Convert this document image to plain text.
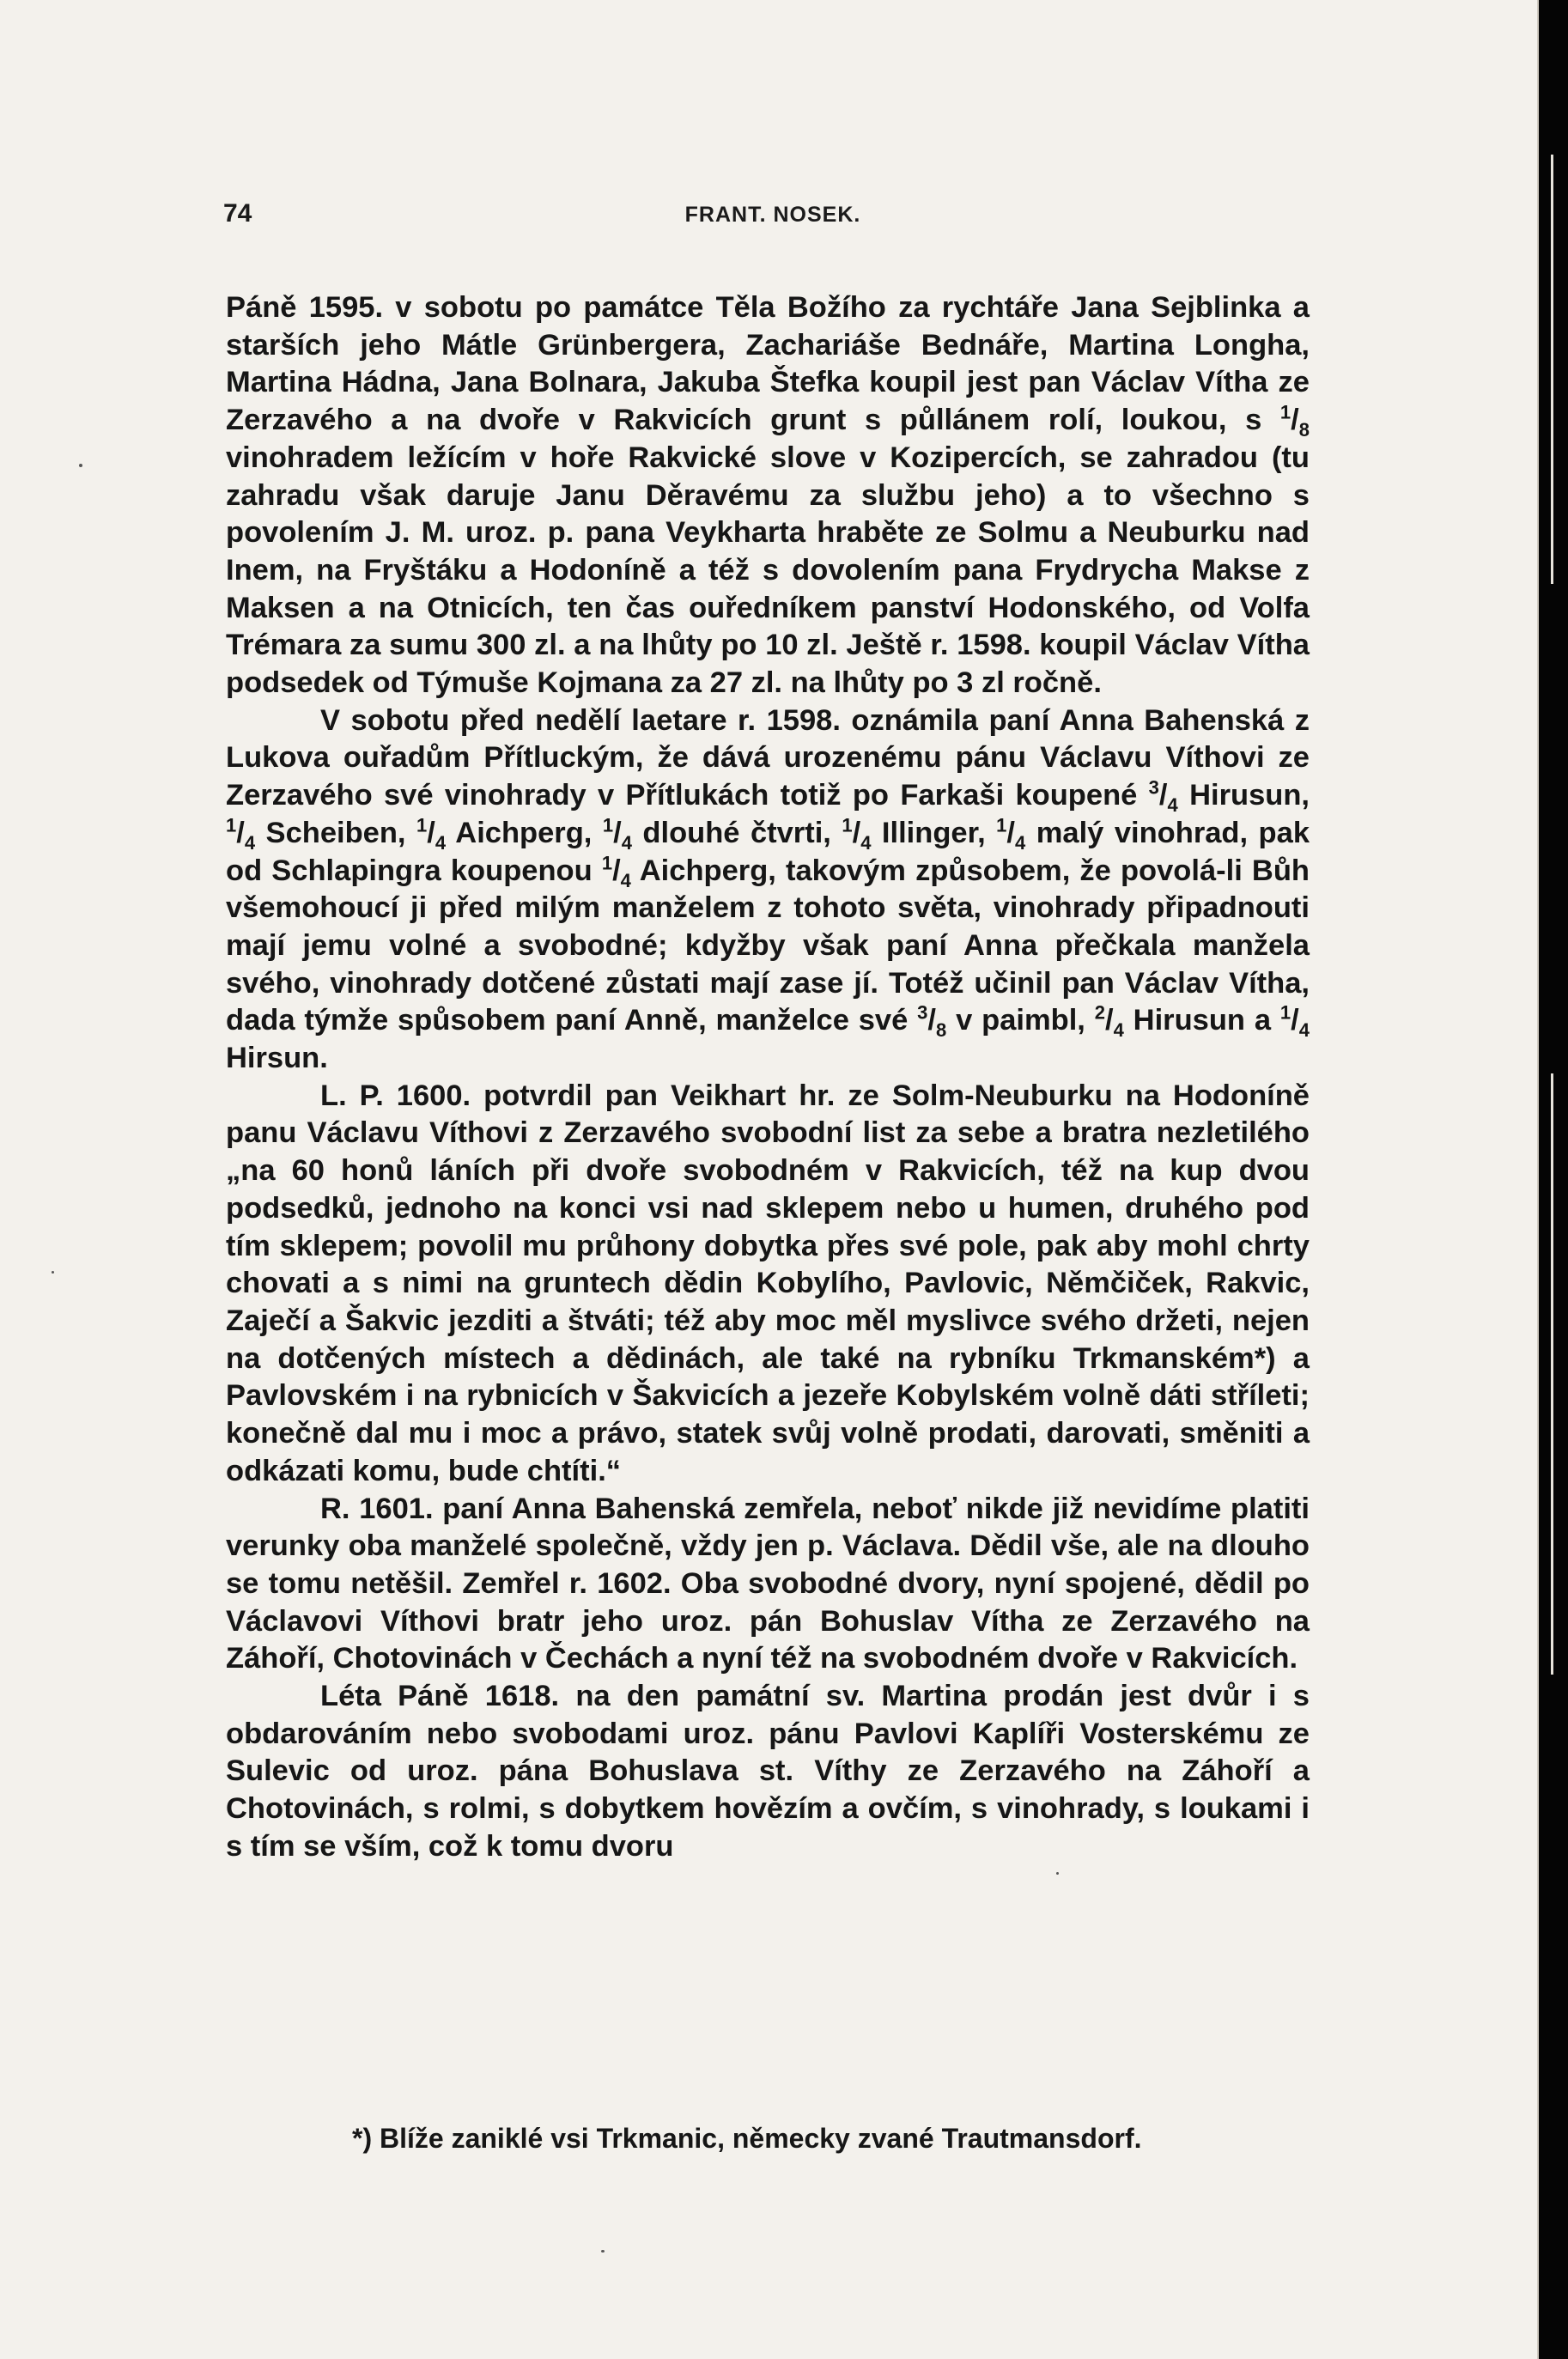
74	FRANT. NOSEK.

Páně 1595. v sobotu po památce Těla Božího za rychtáře Jana Sejblinka a starších jeho Mátle Grünbergera, Zachariáše Bednáře, Martina Longha, Martina Hádna, Jana Bolnara, Jakuba Štefka koupil jest pan Václav Vítha ze Zerzavého a na dvoře v Rakvicích grunt s půllánem rolí, loukou, s $^1/_8$ vinohradem ležícím v hoře Rakvické slove v Kozipercích, se zahradou (tu zahradu však daruje Janu Děravému za službu jeho) a to všechno s povolením J. M. uroz. p. pana Veykharta hraběte ze Solmu a Neuburku nad Inem, na Fryštáku a Hodoníně a též s dovolením pana Frydrycha Makse z Maksen a na Otnicích, ten čas ouředníkem panství Hodonského, od Volfa Trémara za sumu 300 zl. a na lhůty po 10 zl. Ještě r. 1598. koupil Václav Vítha podsedek od Týmuše Kojmana za 27 zl. na lhůty po 3 zl ročně.

V sobotu před nedělí laetare r. 1598. oznámila paní Anna Bahenská z Lukova ouřadům Přítluckým, že dává urozenému pánu Václavu Víthovi ze Zerzavého své vinohrady v Přítlukách totiž po Farkaši koupené $^3/_4$ Hirusun, $^1/_4$ Scheiben, $^1/_4$ Aichperg, $^1/_4$ dlouhé čtvrti, $^1/_4$ Illinger, $^1/_4$ malý vinohrad, pak od Schlapingra koupenou $^1/_4$ Aichperg, takovým způsobem, že povolá-li Bůh všemohoucí ji před milým manželem z tohoto světa, vinohrady připadnouti mají jemu volné a svobodné; kdyžby však paní Anna přečkala manžela svého, vinohrady dotčené zůstati mají zase jí. Totéž učinil pan Václav Vítha, dada týmže spůsobem paní Anně, manželce své $^3/_8$ v paimbl, $^2/_4$ Hirusun a $^1/_4$ Hirsun.

L. P. 1600. potvrdil pan Veikhart hr. ze Solm-Neuburku na Hodoníně panu Václavu Víthovi z Zerzavého svobodní list za sebe a bratra nezletilého „na 60 honů láních při dvoře svobodném v Rakvicích, též na kup dvou podsedků, jednoho na konci vsi nad sklepem nebo u humen, druhého pod tím sklepem; povolil mu průhony dobytka přes své pole, pak aby mohl chrty chovati a s nimi na gruntech dědin Kobylího, Pavlovic, Němčiček, Rakvic, Zaječí a Šakvic jezditi a štváti; též aby moc měl myslivce svého držeti, nejen na dotčených místech a dědinách, ale také na rybníku Trkmanském*) a Pavlovském i na rybnicích v Šakvicích a jezeře Kobylském volně dáti stříleti; konečně dal mu i moc a právo, statek svůj volně prodati, darovati, směniti a odkázati komu, bude chtíti.“

R. 1601. paní Anna Bahenská zemřela, neboť nikde již nevidíme platiti verunky oba manželé společně, vždy jen p. Václava. Dědil vše, ale na dlouho se tomu netěšil. Zemřel r. 1602. Oba svobodné dvory, nyní spojené, dědil po Václavovi Víthovi bratr jeho uroz. pán Bohuslav Vítha ze Zerzavého na Záhoří, Chotovinách v Čechách a nyní též na svobodném dvoře v Rakvicích.

Léta Páně 1618. na den památní sv. Martina prodán jest dvůr i s obdarováním nebo svobodami uroz. pánu Pavlovi Kaplíři Vosterskému ze Sulevic od uroz. pána Bohuslava st. Víthy ze Zerzavého na Záhoří a Chotovinách, s rolmi, s dobytkem hovězím a ovčím, s vinohrady, s loukami i s tím se vším, což k tomu dvoru

*) Blíže zaniklé vsi Trkmanic, německy zvané Trautmansdorf.
